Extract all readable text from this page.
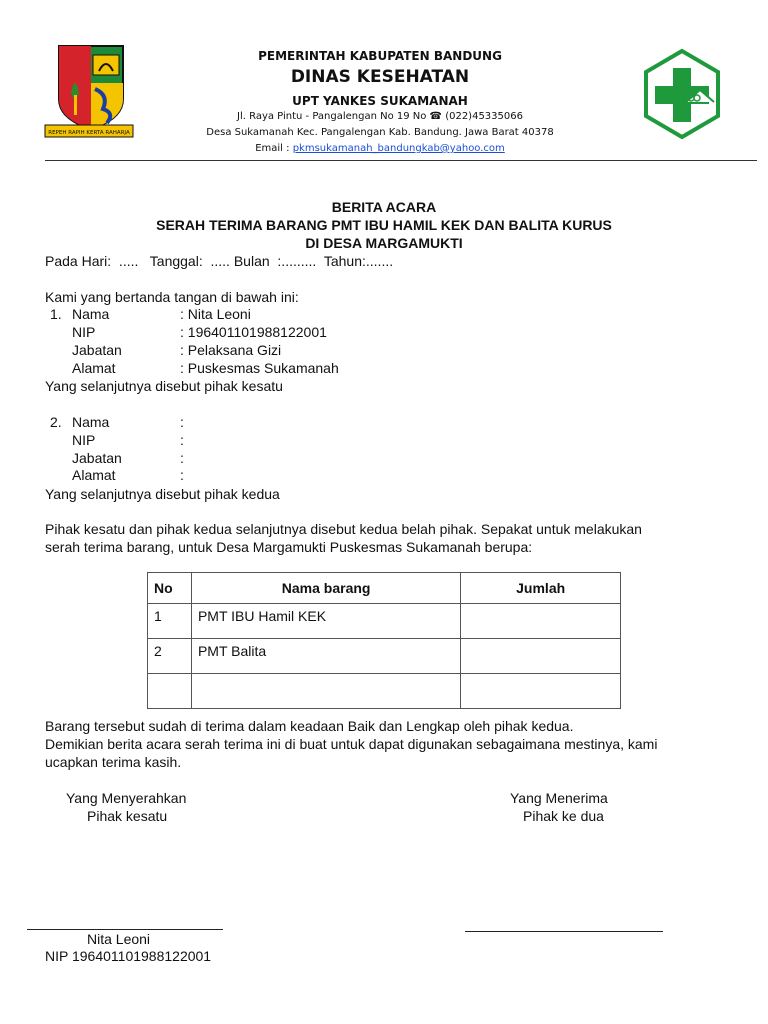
REPEH RAPIH KERTA RAHARJA
PEMERINTAH KABUPATEN BANDUNG
DINAS KESEHATAN
UPT YANKES SUKAMANAH
Jl. Raya Pintu - Pangalengan No 19 No ☎ (022)45335066
Desa Sukamanah Kec. Pangalengan Kab. Bandung. Jawa Barat 40378
Email : pkmsukamanah_bandungkab@yahoo.com
BERITA ACARA
SERAH TERIMA BARANG PMT IBU HAMIL KEK DAN BALITA KURUS
DI DESA MARGAMUKTI
Pada Hari:  .....   Tanggal:  ..... Bulan  :.........  Tahun:.......
Kami yang bertanda tangan di bawah ini:
1. Nama	: Nita Leoni
NIP	: 196401101988122001
Jabatan	: Pelaksana Gizi
Alamat	: Puskesmas Sukamanah
Yang selanjutnya disebut pihak kesatu
2. Nama	:
NIP	:
Jabatan	:
Alamat	:
Yang selanjutnya disebut pihak kedua
Pihak kesatu dan pihak kedua selanjutnya disebut kedua belah pihak. Sepakat untuk melakukan
serah terima barang, untuk Desa Margamukti Puskesmas Sukamanah berupa:
No	Nama barang	Jumlah
1	PMT IBU Hamil KEK	
2	PMT Balita	

Barang tersebut sudah di terima dalam keadaan Baik dan Lengkap oleh pihak kedua.
Demikian berita acara serah terima ini di buat untuk dapat digunakan sebagaimana mestinya, kami
ucapkan terima kasih.
Yang Menyerahkan
Pihak kesatu
Yang Menerima
Pihak ke dua
Nita Leoni
NIP 196401101988122001
